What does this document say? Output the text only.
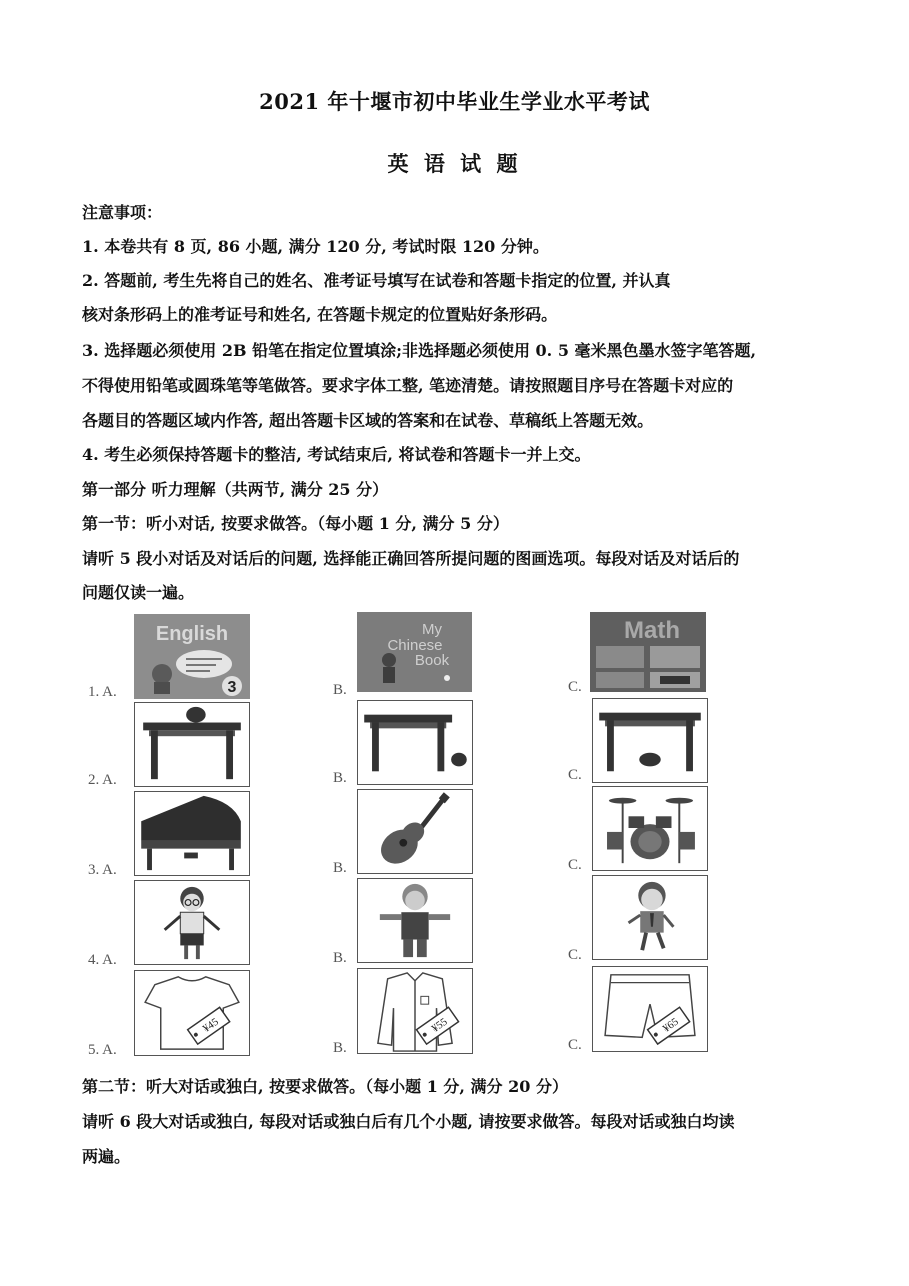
2021 年十堰市初中毕业生学业水平考试
英 语 试 题
注意事项：
1. 本卷共有 8 页, 86 小题, 满分 120 分, 考试时限 120 分钟。
2. 答题前, 考生先将自己的姓名、准考证号填写在试卷和答题卡指定的位置, 并认真
核对条形码上的准考证号和姓名, 在答题卡规定的位置贴好条形码。
3. 选择题必须使用 2B 铅笔在指定位置填涂;非选择题必须使用 0. 5 毫米黑色墨水签字笔答题,
不得使用铅笔或圆珠笔等笔做答。要求字体工整, 笔迹清楚。请按照题目序号在答题卡对应的
各题目的答题区域内作答, 超出答题卡区域的答案和在试卷、草稿纸上答题无效。
4. 考生必须保持答题卡的整洁, 考试结束后, 将试卷和答题卡一并上交。
第一部分 听力理解（共两节, 满分 25 分）
第一节：听小对话, 按要求做答。（每小题 1 分, 满分 5 分）
请听 5 段小对话及对话后的问题, 选择能正确回答所提问题的图画选项。每段对话及对话后的
问题仅读一遍。
1. A.	B.	C.
2. A.	B.	C.
3. A.	B.	C.
4. A.	B.	C.
5. A.	B.	C.
English
3
My
Chinese
Book
Math
¥45	¥55	¥65
第二节：听大对话或独白, 按要求做答。（每小题 1 分, 满分 20 分）
请听 6 段大对话或独白, 每段对话或独白后有几个小题, 请按要求做答。每段对话或独白均读
两遍。
